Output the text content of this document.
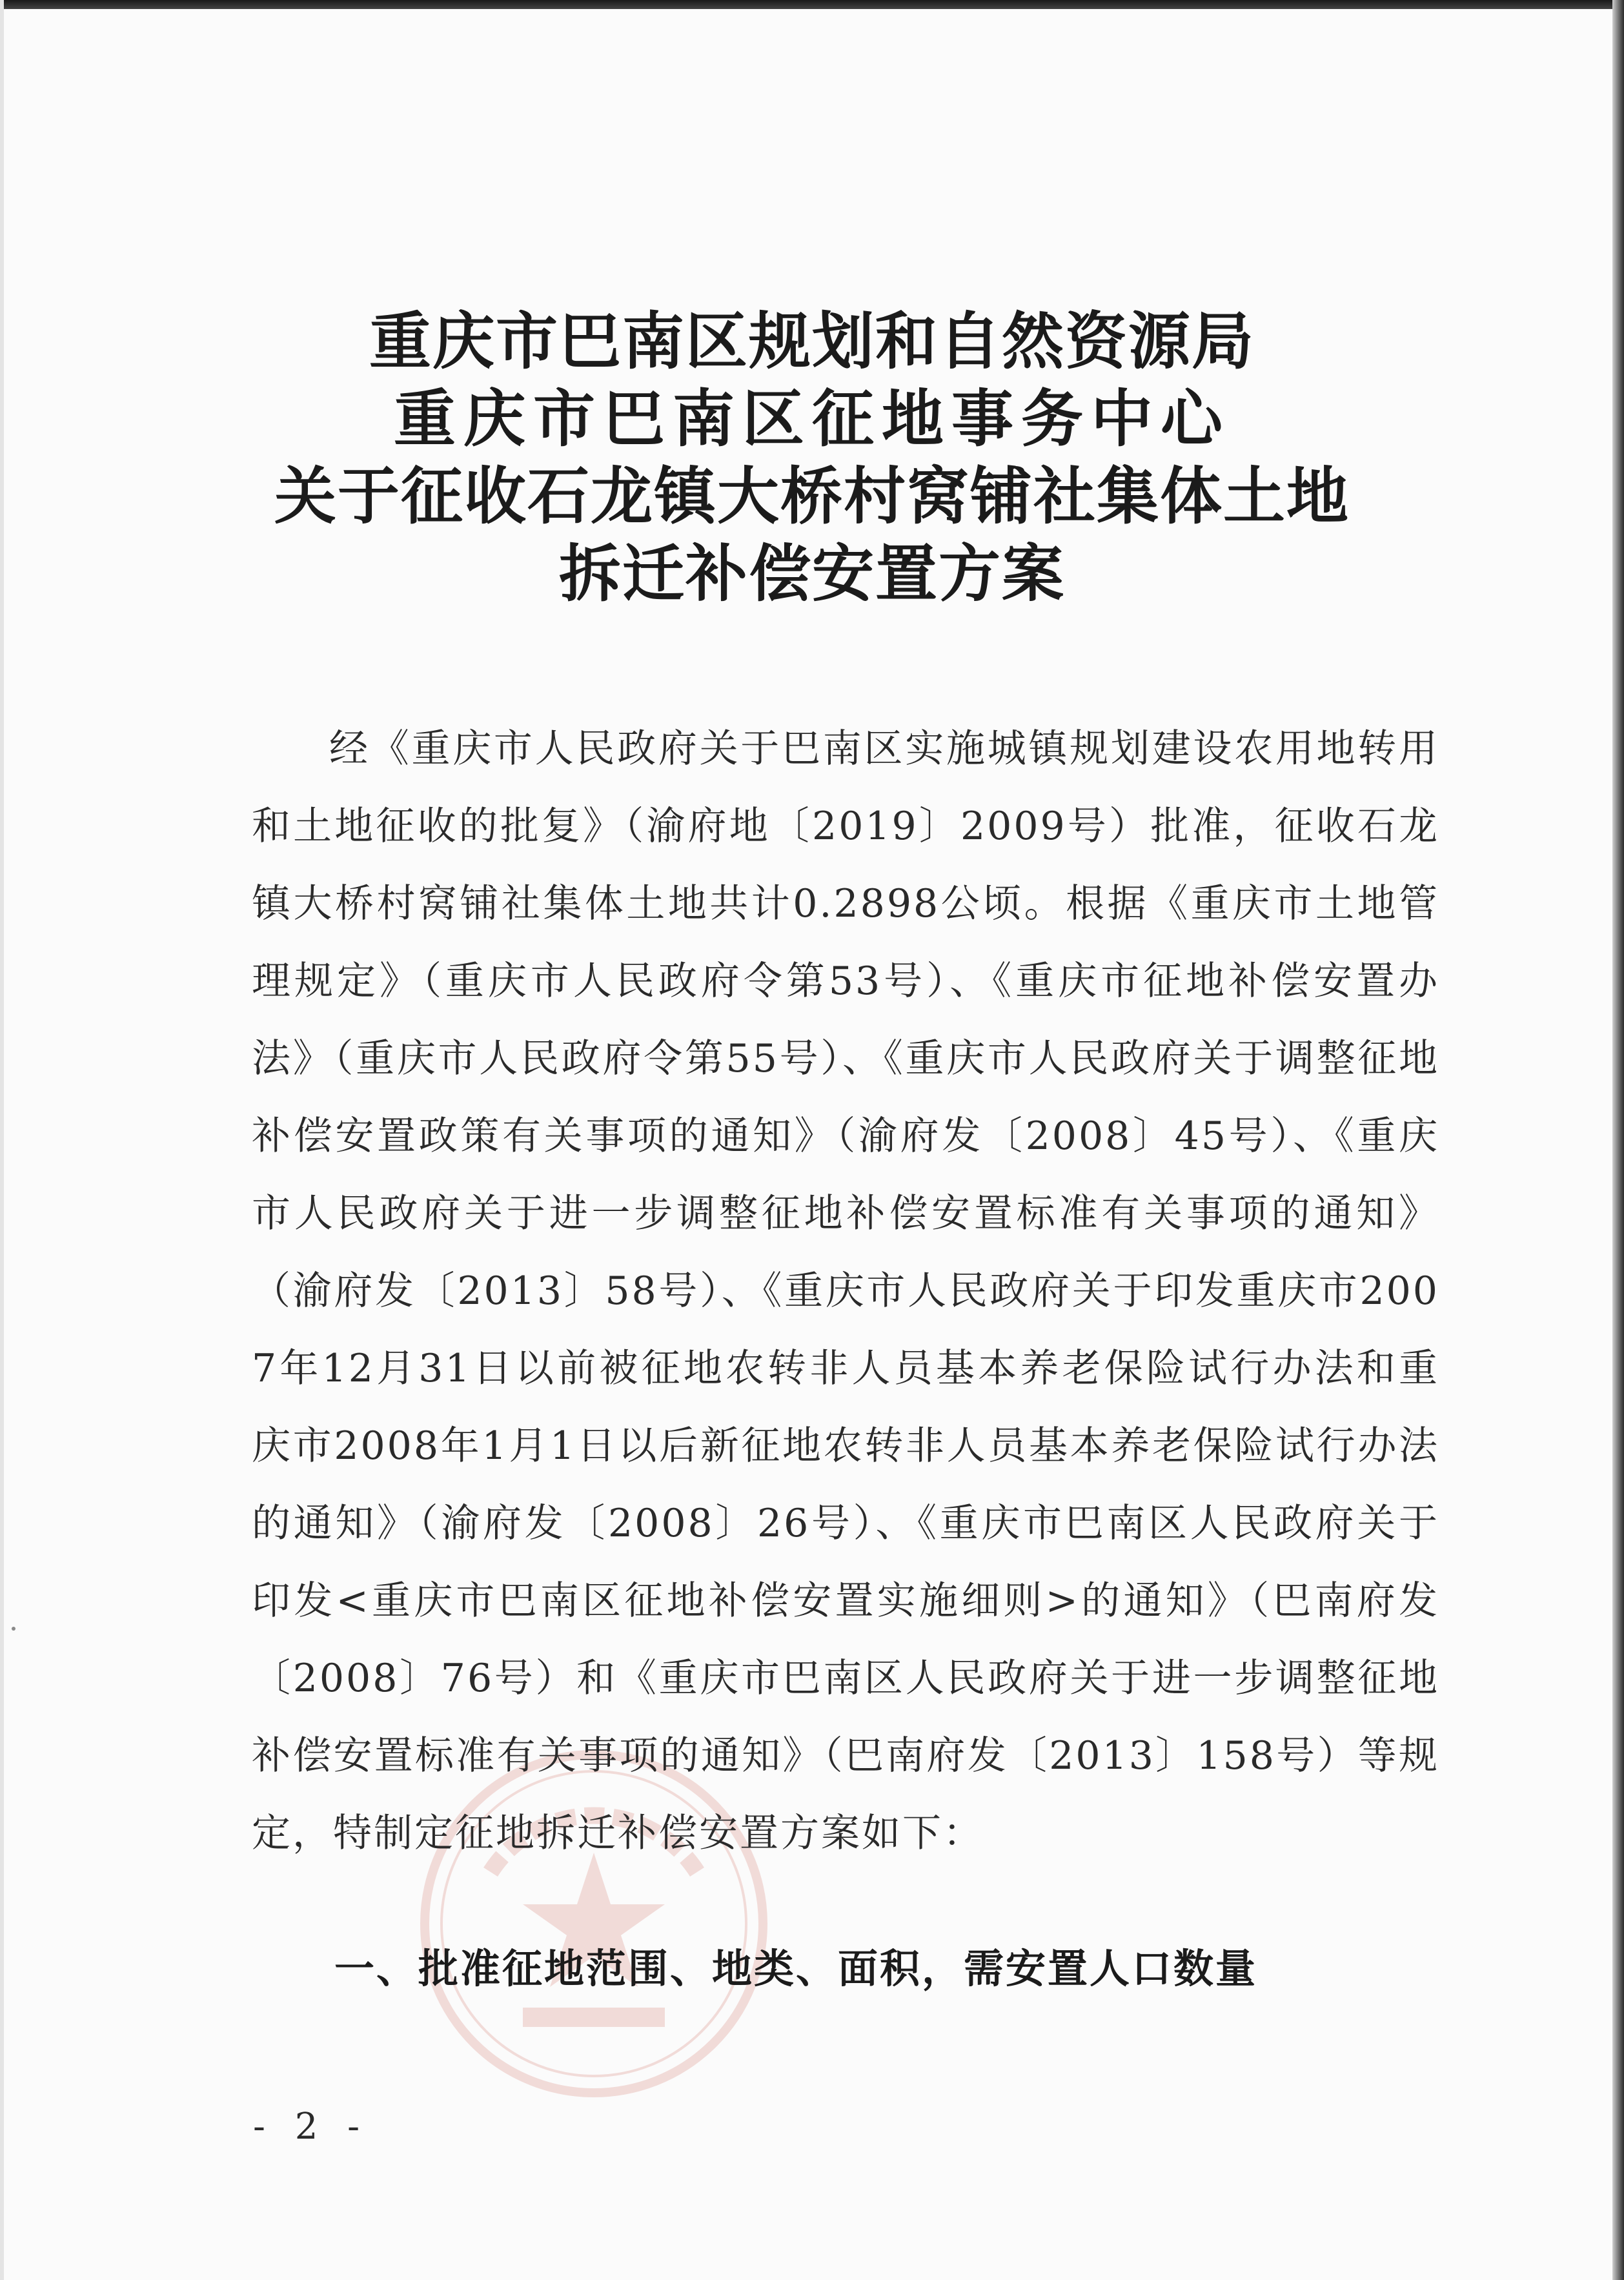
重庆市巴南区规划和自然资源局
重庆市巴南区征地事务中心
关于征收石龙镇大桥村窝铺社集体土地
拆迁补偿安置方案

经《重庆市人民政府关于巴南区实施城镇规划建设农用地转用和土地征收的批复》（渝府地〔2019〕2009号）批准，征收石龙镇大桥村窝铺社集体土地共计0.2898公顷。根据《重庆市土地管理规定》（重庆市人民政府令第53号）、《重庆市征地补偿安置办法》（重庆市人民政府令第55号）、《重庆市人民政府关于调整征地补偿安置政策有关事项的通知》（渝府发〔2008〕45号）、《重庆市人民政府关于进一步调整征地补偿安置标准有关事项的通知》（渝府发〔2013〕58号）、《重庆市人民政府关于印发重庆市2007年12月31日以前被征地农转非人员基本养老保险试行办法和重庆市2008年1月1日以后新征地农转非人员基本养老保险试行办法的通知》（渝府发〔2008〕26号）、《重庆市巴南区人民政府关于印发<重庆市巴南区征地补偿安置实施细则>的通知》（巴南府发〔2008〕76号）和《重庆市巴南区人民政府关于进一步调整征地补偿安置标准有关事项的通知》（巴南府发〔2013〕158号）等规定，特制定征地拆迁补偿安置方案如下：

一、批准征地范围、地类、面积，需安置人口数量
- 2 -
